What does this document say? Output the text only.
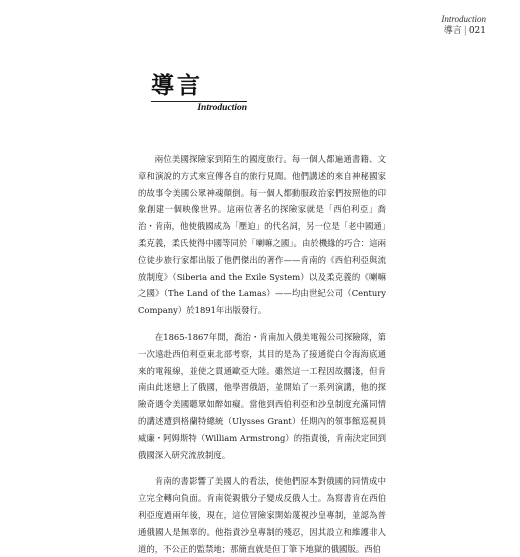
Introduction
導言 | 021
導言
Introduction

兩位美國探險家到陌生的國度旅行。每一個人都遍通書籍、文章和演說的方式來宣傳各自的旅行見聞。他們講述的來自神秘國家的故事令美國公眾神魂顛倒。每一個人都動服政治家們按照他的印象創建一個映像世界。這兩位著名的探險家就是「西伯利亞」喬治・肯南，他使俄國成為「壓迫」的代名詞，另一位是「老中國通」柔克義，柔氏使得中國等同於「喇嘛之國」。由於機緣的巧合：這兩位徒步旅行家都出版了他們傑出的著作——肯南的《西伯利亞與流放制度》（Siberia and the Exile System）以及柔克義的《喇嘛之國》（The Land of the Lamas）——均由世紀公司（Century Company）於1891年出版發行。

在1865-1867年間，喬治・肯南加入俄美電報公司探險隊，第一次遠赴西伯利亞東北部考察，其目的是為了接通從白令海海底通來的電報線，並使之貫通歐亞大陸。雖然這一工程因故擱淺，但肯南由此迷戀上了俄國，他學習俄語，並開始了一系列演講，他的探險奇遇令美國聽眾如醉如癡。當他到西伯利亞和沙皇制度充滿同情的講述遭到格蘭特總統（Ulysses Grant）任期內的領事館巡視員威廉・阿姆斯特（William Armstrong）的指責後，肯南決定回到俄國深入研究流放制度。

肯南的書影響了美國人的看法，使他們原本對俄國的同情成中立完全轉向負面。肯南從親俄分子變成反俄人士。為寫書肯在西伯利亞度過兩年後，現在，這位冒險家開始蔑視沙皇專制，並認為普通俄國人是無辜的。他指責沙皇專制的殘忍，因其設立和維護非人道的，不公正的監禁地；那簡直就是但丁筆下地獄的俄國版。西伯
